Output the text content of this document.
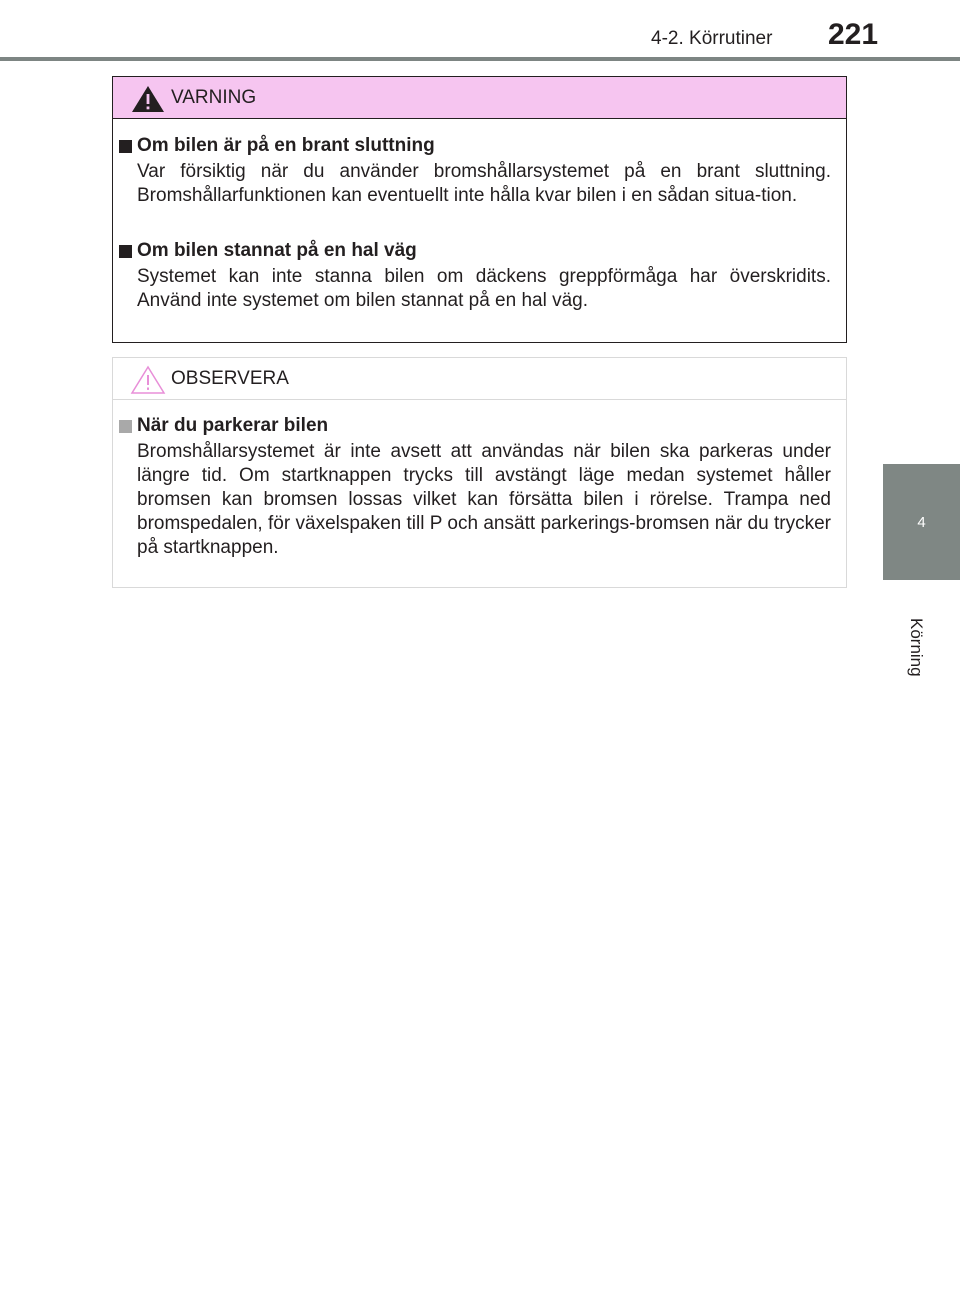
4-2. Körrutiner 221
4
Körning
VARNING
Om bilen är på en brant sluttning
Var försiktig när du använder bromshållarsystemet på en brant sluttning. Bromshållarfunktionen kan eventuellt inte hålla kvar bilen i en sådan situa-tion.
Om bilen stannat på en hal väg
Systemet kan inte stanna bilen om däckens greppförmåga har överskridits. Använd inte systemet om bilen stannat på en hal väg.
OBSERVERA
När du parkerar bilen
Bromshållarsystemet är inte avsett att användas när bilen ska parkeras under längre tid. Om startknappen trycks till avstängt läge medan systemet håller bromsen kan bromsen lossas vilket kan försätta bilen i rörelse. Trampa ned bromspedalen, för växelspaken till P och ansätt parkerings-bromsen när du trycker på startknappen.
